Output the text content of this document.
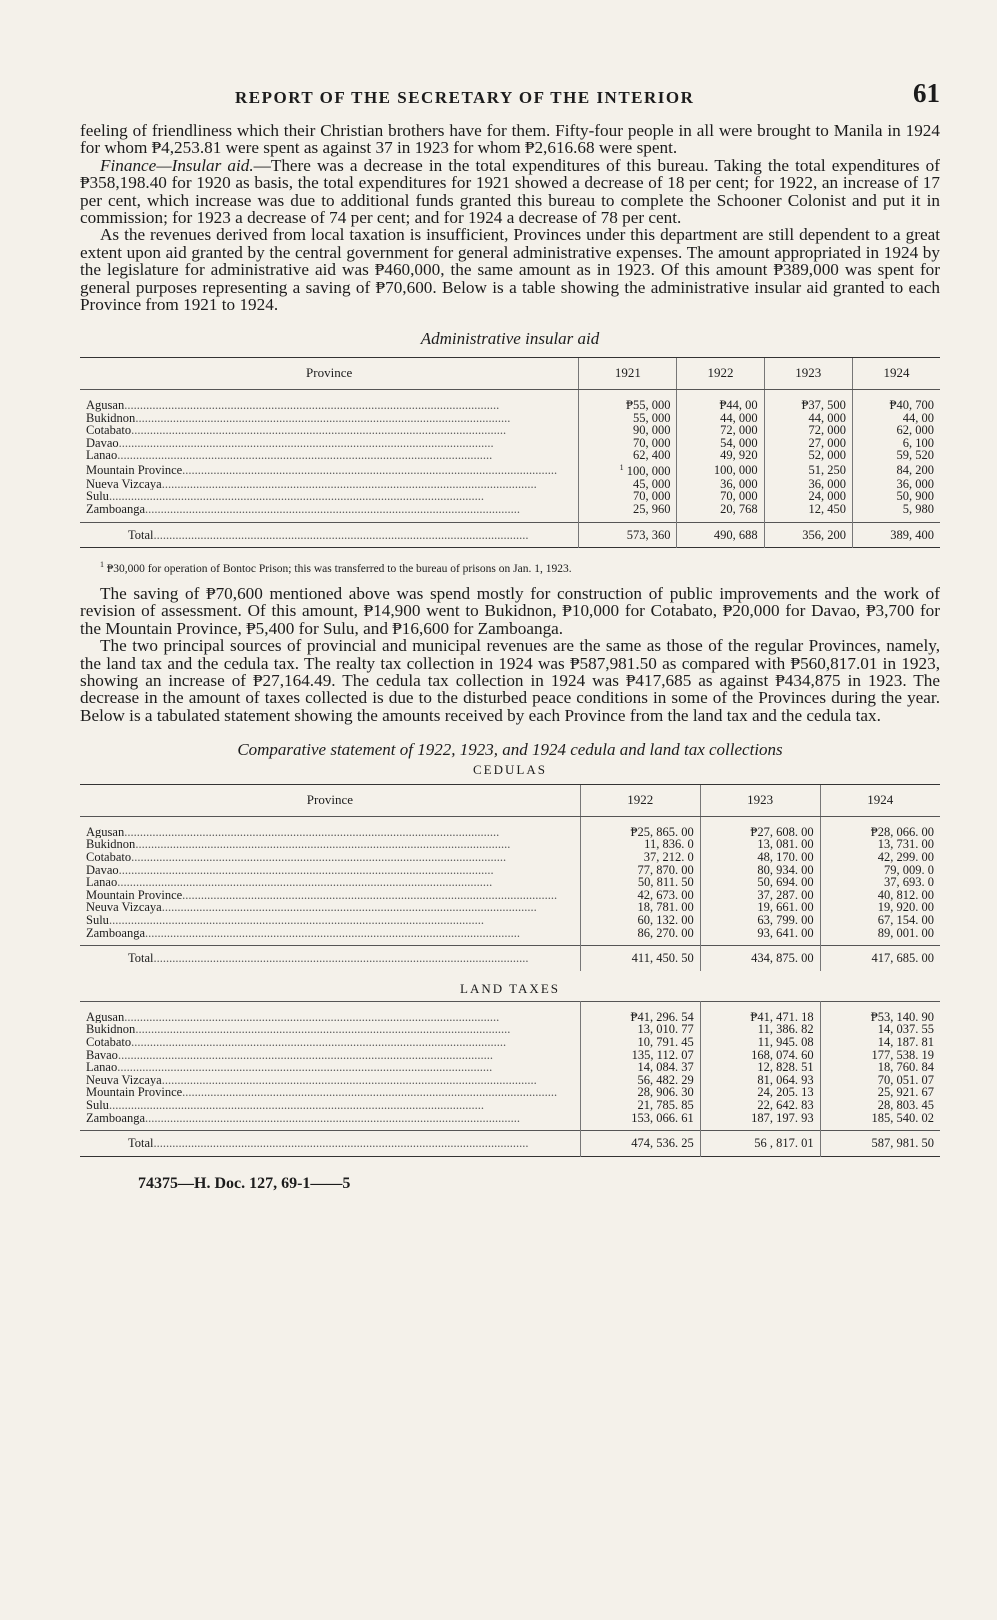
REPORT OF THE SECRETARY OF THE INTERIOR	61

feeling of friendliness which their Christian brothers have for them. Fifty-four people in all were brought to Manila in 1924 for whom ₱4,253.81 were spent as against 37 in 1923 for whom ₱2,616.68 were spent.

Finance—Insular aid.—There was a decrease in the total expenditures of this bureau. Taking the total expenditures of ₱358,198.40 for 1920 as basis, the total expenditures for 1921 showed a decrease of 18 per cent; for 1922, an increase of 17 per cent, which increase was due to additional funds granted this bureau to complete the Schooner Colonist and put it in commission; for 1923 a decrease of 74 per cent; and for 1924 a decrease of 78 per cent.

As the revenues derived from local taxation is insufficient, Provinces under this department are still dependent to a great extent upon aid granted by the central government for general administrative expenses. The amount appropriated in 1924 by the legislature for administrative aid was ₱460,000, the same amount as in 1923. Of this amount ₱389,000 was spent for general purposes representing a saving of ₱70,600. Below is a table showing the administrative insular aid granted to each Province from 1921 to 1924.

Administrative insular aid
Province	1921	1922	1923	1924
Agusan .....	₱55, 000	₱44, 00	₱37, 500	₱40, 700
Bukidnon .....	55, 000	44, 000	44, 000	44, 00
Cotabato .....	90, 000	72, 000	72, 000	62, 000
Davao .....	70, 000	54, 000	27, 000	6, 100
Lanao .....	62, 400	49, 920	52, 000	59, 520
Mountain Province .....	$^1$ 100, 000	100, 000	51, 250	84, 200
Nueva Vizcaya .....	45, 000	36, 000	36, 000	36, 000
Sulu .....	70, 000	70, 000	24, 000	50, 900
Zamboanga .....	25, 960	20, 768	12, 450	5, 980
Total .....	573, 360	490, 688	356, 200	389, 400
$^1$ ₱30,000 for operation of Bontoc Prison; this was transferred to the bureau of prisons on Jan. 1, 1923.

The saving of ₱70,600 mentioned above was spend mostly for construction of public improvements and the work of revision of assessment. Of this amount, ₱14,900 went to Bukidnon, ₱10,000 for Cotabato, ₱20,000 for Davao, ₱3,700 for the Mountain Province, ₱5,400 for Sulu, and ₱16,600 for Zamboanga.

The two principal sources of provincial and municipal revenues are the same as those of the regular Provinces, namely, the land tax and the cedula tax. The realty tax collection in 1924 was ₱587,981.50 as compared with ₱560,817.01 in 1923, showing an increase of ₱27,164.49. The cedula tax collection in 1924 was ₱417,685 as against ₱434,875 in 1923. The decrease in the amount of taxes collected is due to the disturbed peace conditions in some of the Provinces during the year. Below is a tabulated statement showing the amounts received by each Province from the land tax and the cedula tax.

Comparative statement of 1922, 1923, and 1924 cedula and land tax collections
CEDULAS
Province	1922	1923	1924
Agusan .....	₱25, 865. 00	₱27, 608. 00	₱28, 066. 00
Bukidnon .....	11, 836. 0	13, 081. 00	13, 731. 00
Cotabato .....	37, 212. 0	48, 170. 00	42, 299. 00
Davao .....	77, 870. 00	80, 934. 00	79, 009. 0
Lanao .....	50, 811. 50	50, 694. 00	37, 693. 0
Mountain Province .....	42, 673. 00	37, 287. 00	40, 812. 00
Neuva Vizcaya .....	18, 781. 00	19, 661. 00	19, 920. 00
Sulu .....	60, 132. 00	63, 799. 00	67, 154. 00
Zamboanga .....	86, 270. 00	93, 641. 00	89, 001. 00
Total .....	411, 450. 50	434, 875. 00	417, 685. 00
LAND TAXES
Agusan .....	₱41, 296. 54	₱41, 471. 18	₱53, 140. 90
Bukidnon .....	13, 010. 77	11, 386. 82	14, 037. 55
Cotabato .....	10, 791. 45	11, 945. 08	14, 187. 81
Bavao .....	135, 112. 07	168, 074. 60	177, 538. 19
Lanao .....	14, 084. 37	12, 828. 51	18, 760. 84
Neuva Vizcaya .....	56, 482. 29	81, 064. 93	70, 051. 07
Mountain Province .....	28, 906. 30	24, 205. 13	25, 921. 67
Sulu .....	21, 785. 85	22, 642. 83	28, 803. 45
Zamboanga .....	153, 066. 61	187, 197. 93	185, 540. 02
Total .....	474, 536. 25	56 , 817. 01	587, 981. 50
74375—H. Doc. 127, 69-1——5
